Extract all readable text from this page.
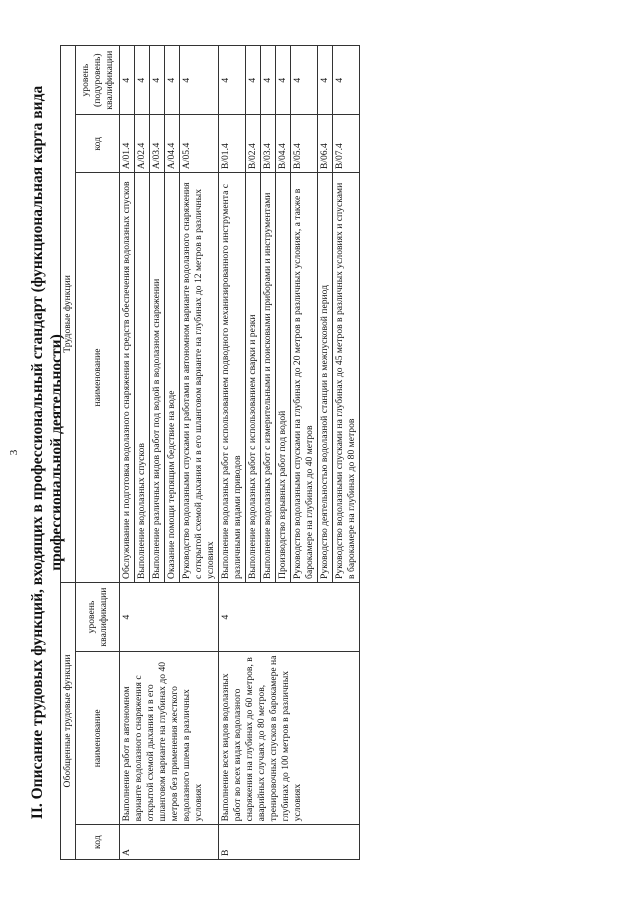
3 II. Описание трудовых функций, входящих в профессиональный стандарт (функциональная карта вида профессиональной деятельности)
Обобщенные трудовые функции			Трудовые функции		
код	наименование	уровень квалификации	наименование	код	уровень (подуровень) квалификации
А	Выполнение работ в автономном варианте водолазного снаряжения с открытой схемой дыхания и в его шланговом варианте на глубинах до 40 метров без применения жесткого водолазного шлема в различных условиях	4	Обслуживание и подготовка водолазного снаряжения и средств обеспечения водолазных спусков	A/01.4	4
			Выполнение водолазных спусков	A/02.4	4
			Выполнение различных видов работ под водой в водолазном снаряжении	A/03.4	4
			Оказание помощи терпящим бедствие на воде	A/04.4	4
			Руководство водолазными спусками и работами в автономном варианте водолазного снаряжения с открытой схемой дыхания и в его шланговом варианте на глубинах до 12 метров в различных условиях	A/05.4	4
В	Выполнение всех видов водолазных работ во всех видах водолазного снаряжения на глубинах до 60 метров, в аварийных случаях до 80 метров, тренировочных спусков в барокамере на глубинах до 100 метров в различных условиях	4	Выполнение водолазных работ с использованием подводного механизированного инструмента с различными видами приводов	В/01.4	4
			Выполнение водолазных работ с использованием сварки и резки	В/02.4	4
			Выполнение водолазных работ с измерительными и поисковыми приборами и инструментами	В/03.4	4
			Производство взрывных работ под водой	В/04.4	4
			Руководство водолазными спусками на глубинах до 20 метров в различных условиях, а также в барокамере на глубинах до 40 метров	В/05.4	4
			Руководство деятельностью водолазной станции в межпусковой период	В/06.4	4
			Руководство водолазными спусками на глубинах до 45 метров в различных условиях и спусками в барокамере на глубинах до 80 метров	В/07.4	4
